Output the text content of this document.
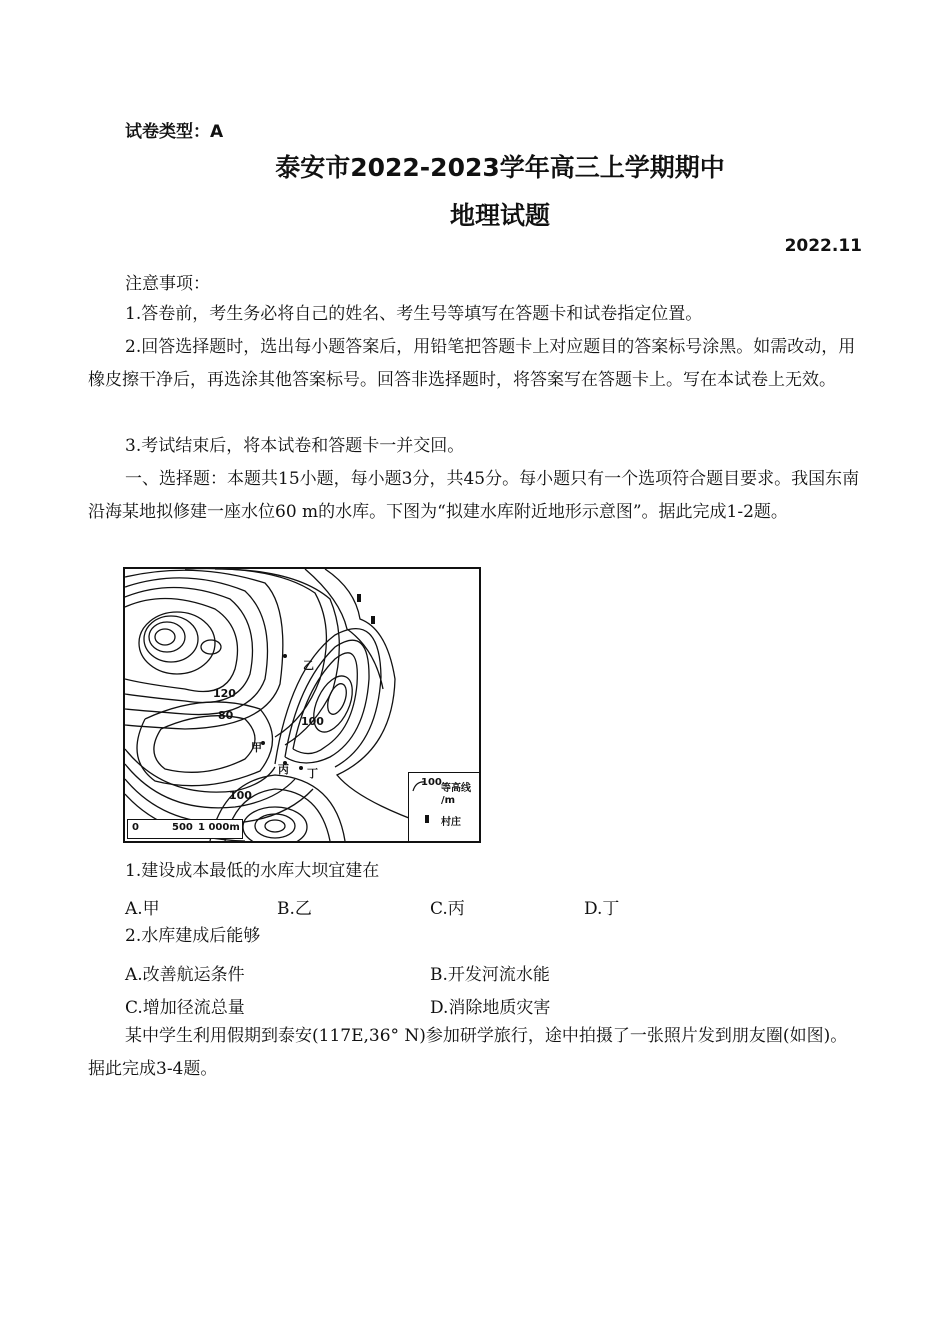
试卷类型：A
泰安市2022-2023学年高三上学期期中
地理试题
2022.11
注意事项：
1.答卷前，考生务必将自己的姓名、考生号等填写在答题卡和试卷指定位置。
2.回答选择题时，选出每小题答案后，用铅笔把答题卡上对应题目的答案标号涂黑。如需改动，用橡皮擦干净后，再选涂其他答案标号。回答非选择题时，将答案写在答题卡上。写在本试卷上无效。
3.考试结束后，将本试卷和答题卡一并交回。
一、选择题：本题共15小题，每小题3分，共45分。每小题只有一个选项符合题目要求。我国东南沿海某地拟修建一座水位60 m的水库。下图为“拟建水库附近地形示意图”。据此完成1-2题。
120
80	100
100
乙
甲
丙 丁
0	500 1 000m
100
等高线
/m
村庄
1.建设成本最低的水库大坝宜建在
A.甲	B.乙	C.丙	D.丁
2.水库建成后能够
A.改善航运条件	B.开发河流水能
C.增加径流总量	D.消除地质灾害
某中学生利用假期到泰安(117E,36° N)参加研学旅行，途中拍摄了一张照片发到朋友圈(如图)。据此完成3-4题。
